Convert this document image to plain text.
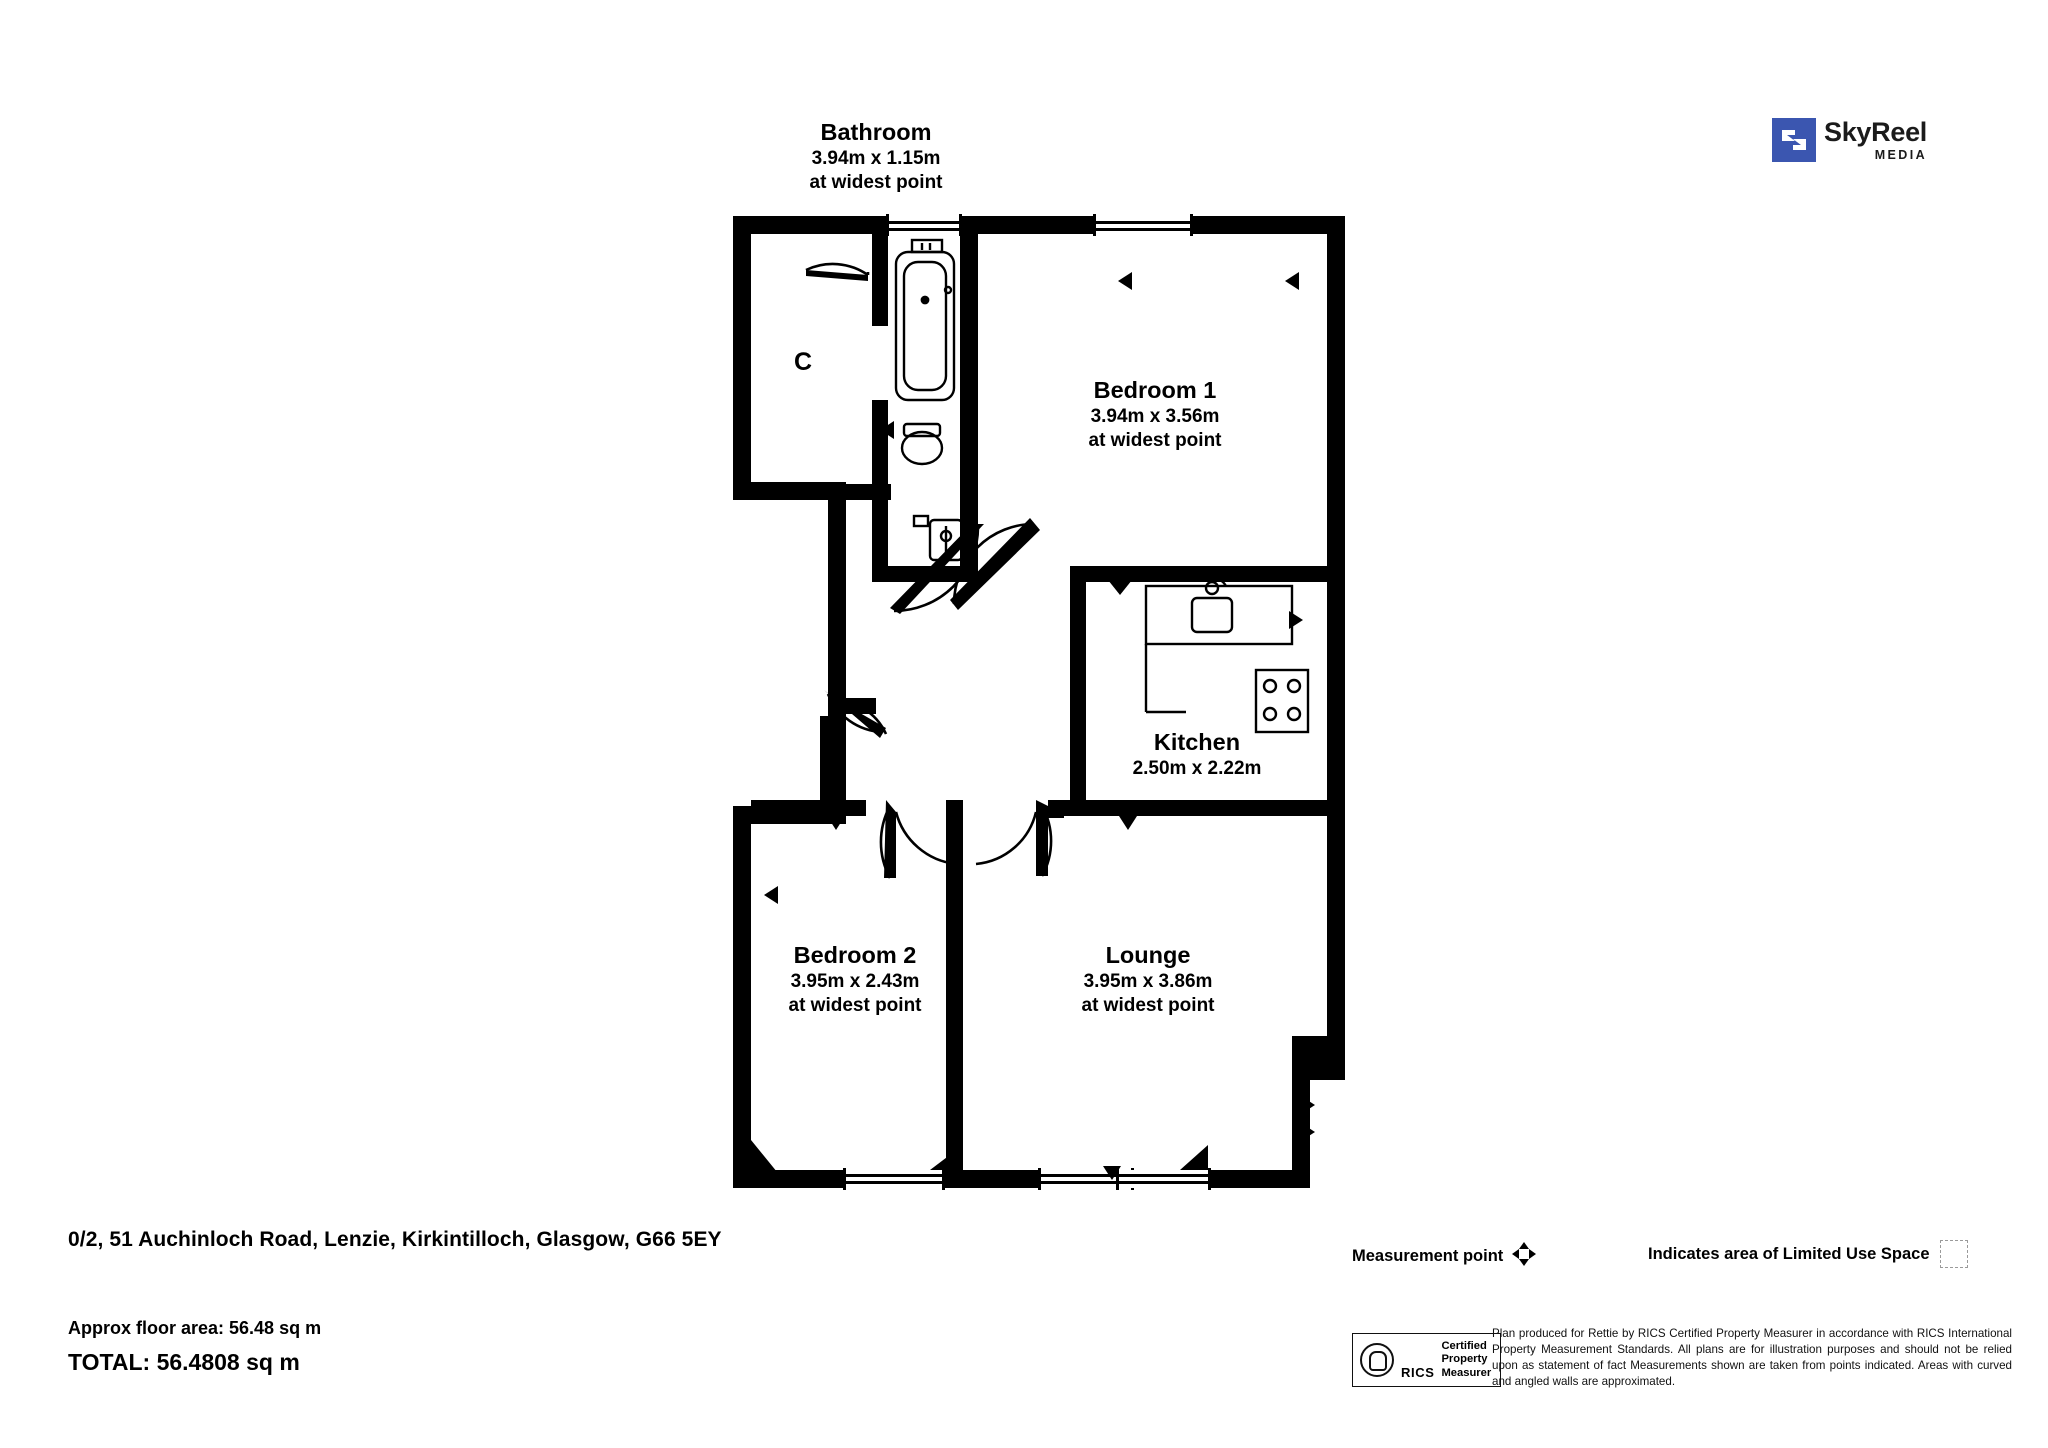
SkyReel
MEDIA
Bathroom
3.94m x 1.15m
at widest point
Bedroom 1
3.94m x 3.56m
at widest point
Kitchen
2.50m x 2.22m
Bedroom 2
3.95m x 2.43m
at widest point
Lounge
3.95m x 3.86m
at widest point
C
0/2, 51 Auchinloch Road, Lenzie, Kirkintilloch, Glasgow, G66 5EY
Approx floor area: 56.48 sq m
TOTAL: 56.4808 sq m
Measurement point	Indicates area of Limited Use Space
RICS
Certified
Property
Measurer
Plan produced for Rettie by RICS Certified Property Measurer in accordance with RICS International Property Measurement Standards. All plans are for illustration purposes and should not be relied upon as statement of fact Measurements shown are taken from points indicated. Areas with curved and angled walls are approximated.
